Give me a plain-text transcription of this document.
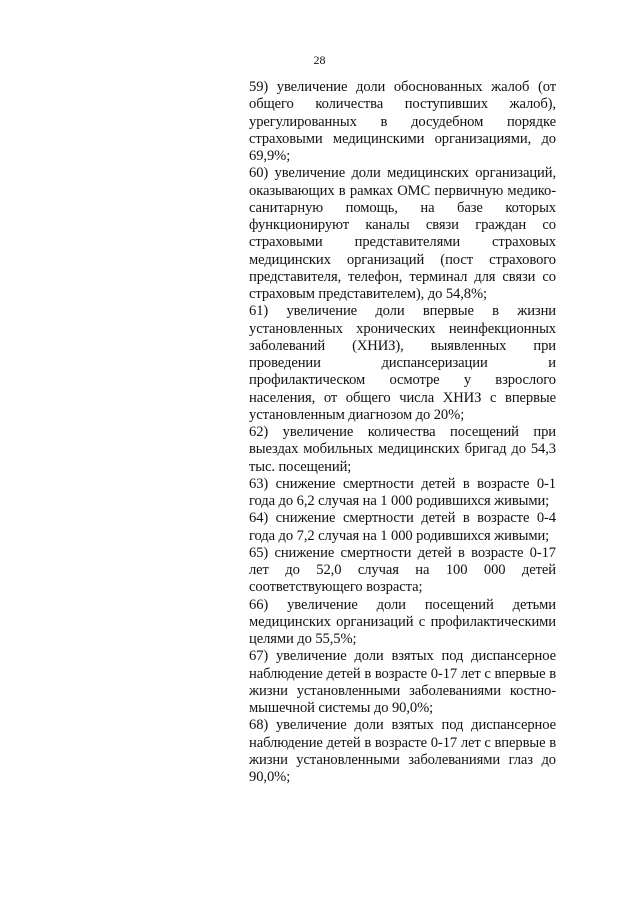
28

59) увеличение доли обоснованных жалоб (от общего количества поступивших жалоб), урегулированных в досудебном порядке страховыми медицинскими организациями, до 69,9%;

60) увеличение доли медицинских организаций, оказывающих в рамках ОМС первичную медико-санитарную помощь, на базе которых функционируют каналы связи граждан со страховыми представителями страховых медицинских организаций (пост страхового представителя, телефон, терминал для связи со страховым представителем), до 54,8%;

61) увеличение доли впервые в жизни установленных хронических неинфекционных заболеваний (ХНИЗ), выявленных при проведении диспансеризации и профилактическом осмотре у взрослого населения, от общего числа ХНИЗ с впервые установленным диагнозом до 20%;

62) увеличение количества посещений при выездах мобильных медицинских бригад до 54,3 тыс. посещений;

63) снижение смертности детей в возрасте 0-1 года до 6,2 случая на 1 000 родившихся живыми;

64) снижение смертности детей в возрасте 0-4 года до 7,2 случая на 1 000 родившихся живыми;

65) снижение смертности детей в возрасте 0-17 лет до 52,0 случая на 100 000 детей соответствующего возраста;

66) увеличение доли посещений детьми медицинских организаций с профилактическими целями до 55,5%;

67) увеличение доли взятых под диспансерное наблюдение детей в возрасте 0-17 лет с впервые в жизни установленными заболеваниями костно-мышечной системы до 90,0%;

68) увеличение доли взятых под диспансерное наблюдение детей в возрасте 0-17 лет с впервые в жизни установленными заболеваниями глаз до 90,0%;
